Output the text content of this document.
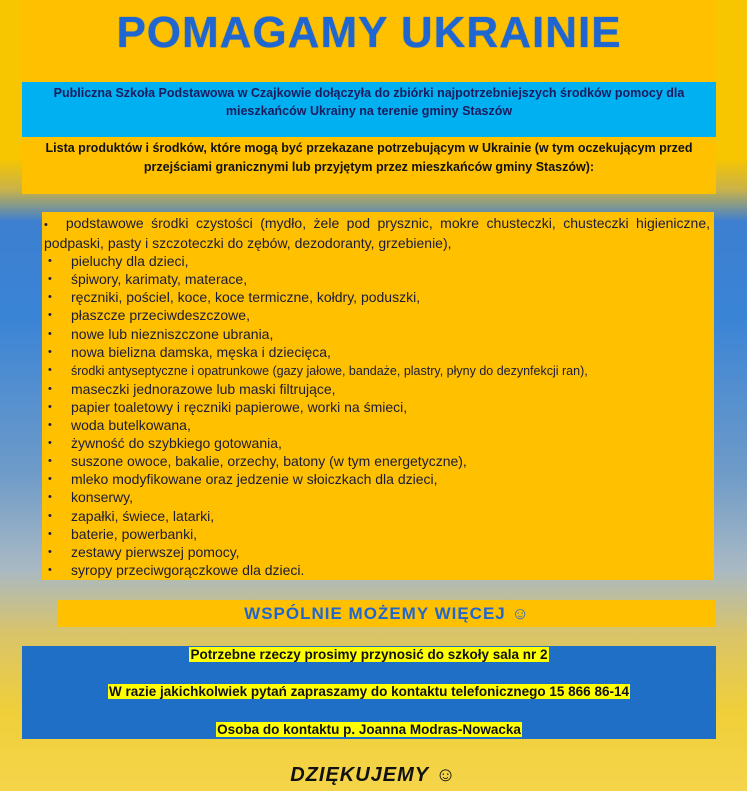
POMAGAMY UKRAINIE
Publiczna Szkoła Podstawowa w Czajkowie dołączyła do zbiórki najpotrzebniejszych środków pomocy dla mieszkańców Ukrainy na terenie gminy Staszów
Lista produktów i środków, które mogą być przekazane potrzebującym w Ukrainie (w tym oczekującym przed przejściami granicznymi lub przyjętym przez mieszkańców gminy Staszów):
• podstawowe środki czystości (mydło, żele pod prysznic, mokre chusteczki, chusteczki higieniczne, podpaski, pasty i szczoteczki do zębów, dezodoranty, grzebienie),
• pieluchy dla dzieci,
• śpiwory, karimaty, materace,
• ręczniki, pościel, koce, koce termiczne, kołdry, poduszki,
• płaszcze przeciwdeszczowe,
• nowe lub niezniszczone ubrania,
• nowa bielizna damska, męska i dziecięca,
• środki antyseptyczne i opatrunkowe (gazy jałowe, bandaże, plastry, płyny do dezynfekcji ran),
• maseczki jednorazowe lub maski filtrujące,
• papier toaletowy i ręczniki papierowe, worki na śmieci,
• woda butelkowana,
• żywność do szybkiego gotowania,
• suszone owoce, bakalie, orzechy, batony (w tym energetyczne),
• mleko modyfikowane oraz jedzenie w słoiczkach dla dzieci,
• konserwy,
• zapałki, świece, latarki,
• baterie, powerbanki,
• zestawy pierwszej pomocy,
• syropy przeciwgorączkowe dla dzieci.
WSPÓLNIE MOŻEMY WIĘCEJ ☺
Potrzebne rzeczy prosimy przynosić do szkoły sala nr 2
W razie jakichkolwiek pytań zapraszamy do kontaktu telefonicznego 15 866 86-14
Osoba do kontaktu p. Joanna Modras-Nowacka
DZIĘKUJEMY ☺
